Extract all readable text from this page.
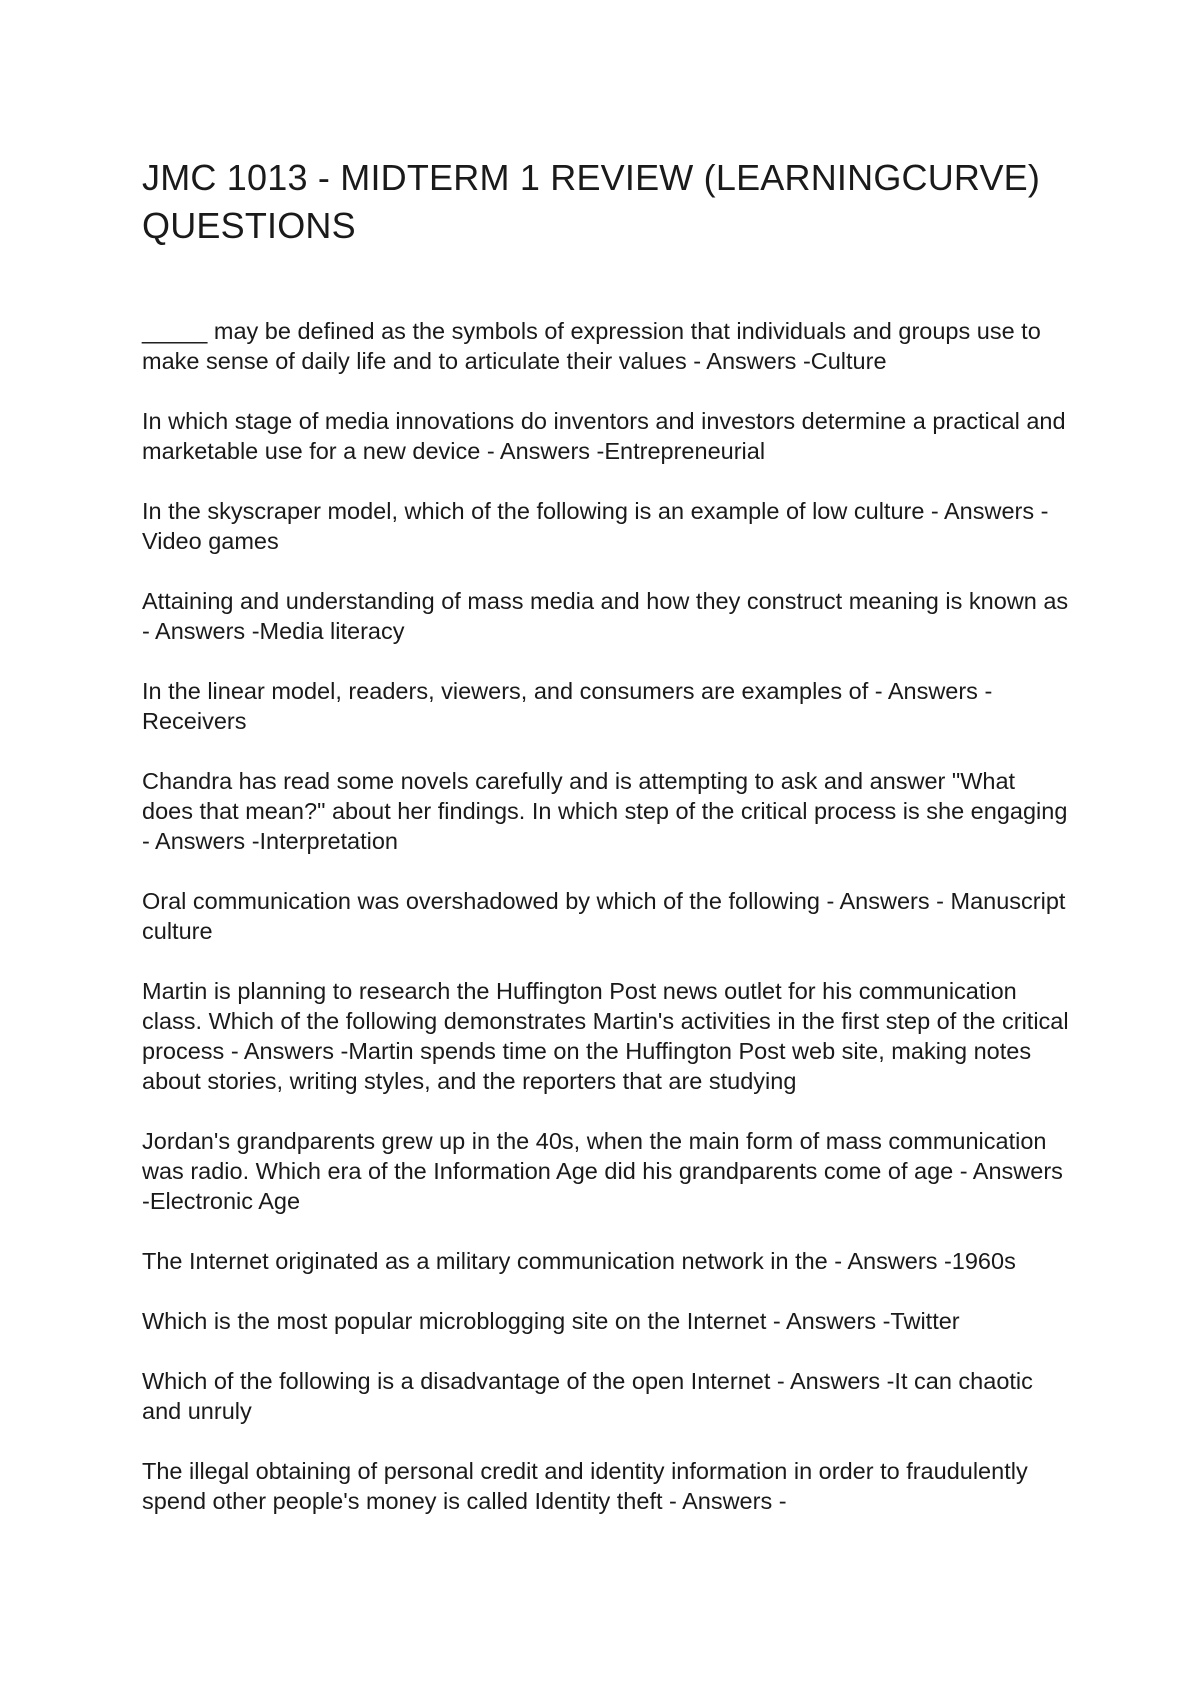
JMC 1013 - MIDTERM 1 REVIEW (LEARNINGCURVE) QUESTIONS

_____ may be defined as the symbols of expression that individuals and groups use to make sense of daily life and to articulate their values - Answers -Culture

In which stage of media innovations do inventors and investors determine a practical and marketable use for a new device - Answers -Entrepreneurial

In the skyscraper model, which of the following is an example of low culture - Answers - Video games

Attaining and understanding of mass media and how they construct meaning is known as - Answers -Media literacy

In the linear model, readers, viewers, and consumers are examples of - Answers - Receivers

Chandra has read some novels carefully and is attempting to ask and answer "What does that mean?" about her findings. In which step of the critical process is she engaging - Answers -Interpretation

Oral communication was overshadowed by which of the following - Answers - Manuscript culture

Martin is planning to research the Huffington Post news outlet for his communication class. Which of the following demonstrates Martin's activities in the first step of the critical process - Answers -Martin spends time on the Huffington Post web site, making notes about stories, writing styles, and the reporters that are studying

Jordan's grandparents grew up in the 40s, when the main form of mass communication was radio. Which era of the Information Age did his grandparents come of age - Answers -Electronic Age

The Internet originated as a military communication network in the - Answers -1960s

Which is the most popular microblogging site on the Internet - Answers -Twitter

Which of the following is a disadvantage of the open Internet - Answers -It can chaotic and unruly

The illegal obtaining of personal credit and identity information in order to fraudulently spend other people's money is called Identity theft - Answers -
